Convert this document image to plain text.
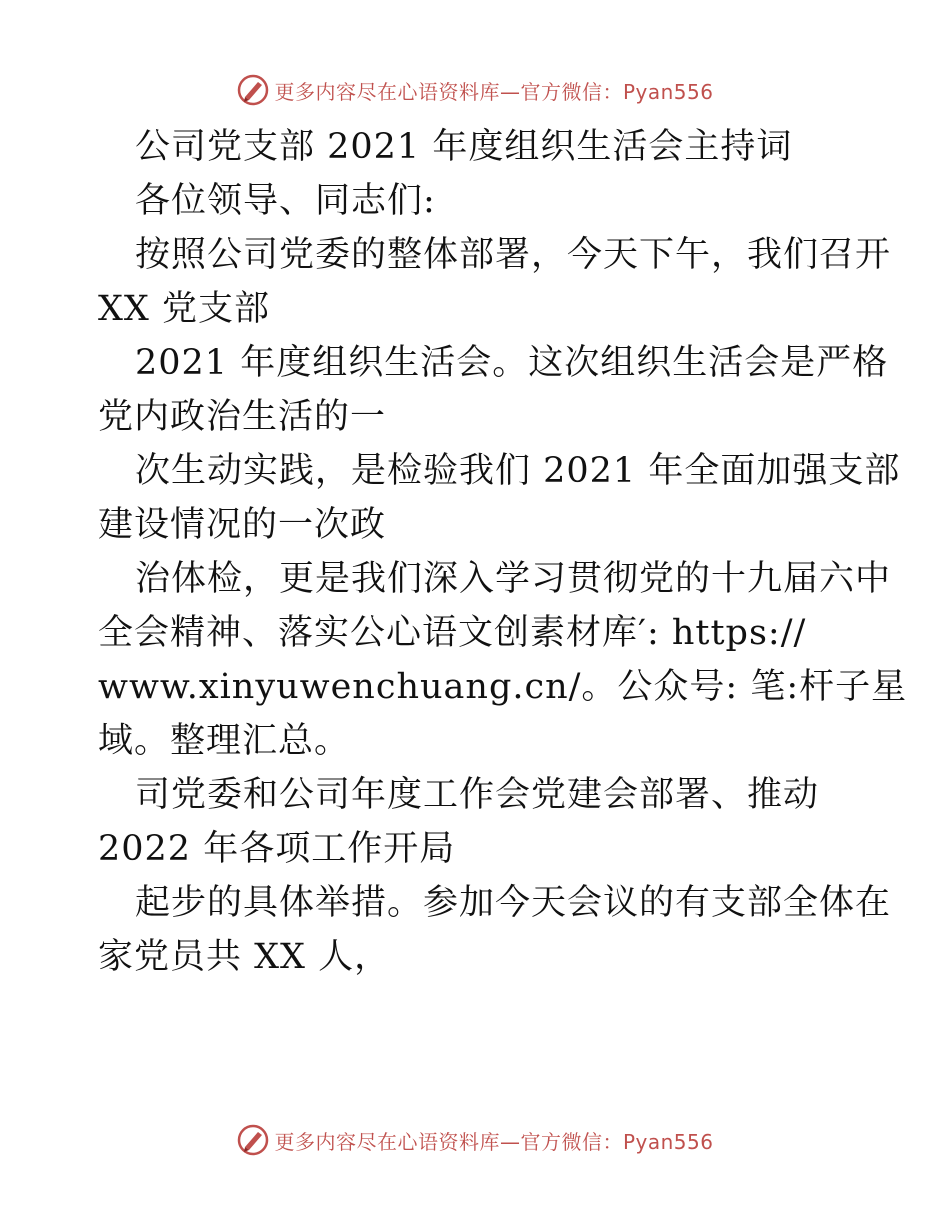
更多内容尽在心语资料库—官方微信：Pyan556
公司党支部 2021 年度组织生活会主持词
各位领导、同志们:
按照公司党委的整体部署，今天下午，我们召开
XX 党支部
2021 年度组织生活会。这次组织生活会是严格
党内政治生活的一
次生动实践，是检验我们 2021 年全面加强支部
建设情况的一次政
治体检，更是我们深入学习贯彻党的十九届六中
全会精神、落实公心语文创素材库′: https://
www.xinyuwenchuang.cn/。公众号: 笔:杆子星
域。整理汇总。
司党委和公司年度工作会党建会部署、推动
2022 年各项工作开局
起步的具体举措。参加今天会议的有支部全体在
家党员共 XX 人，
更多内容尽在心语资料库—官方微信：Pyan556
